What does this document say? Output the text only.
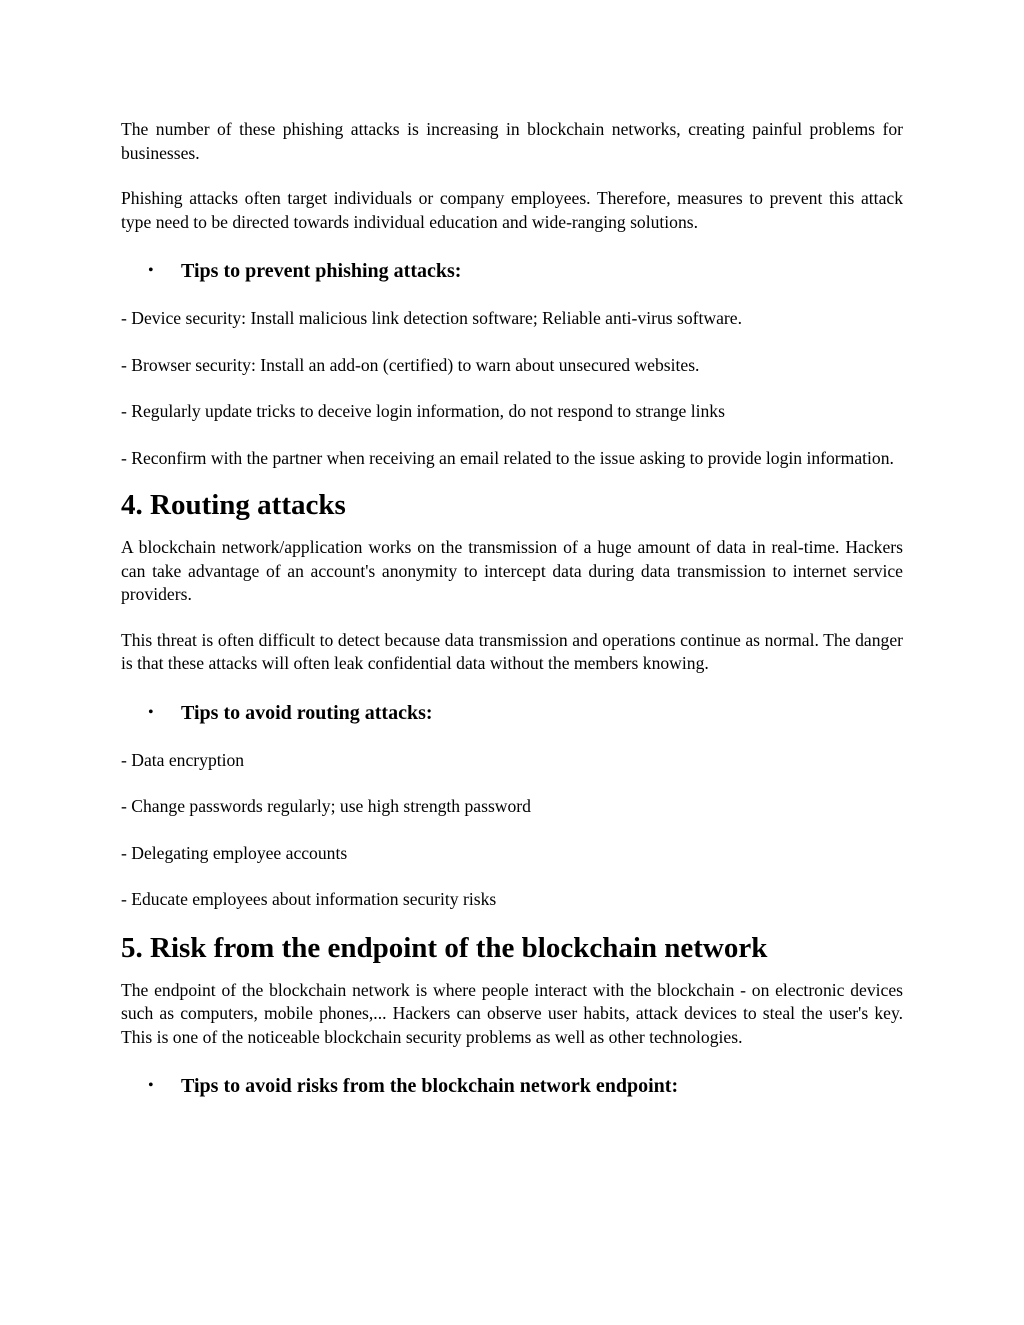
The number of these phishing attacks is increasing in blockchain networks, creating painful problems for businesses.

Phishing attacks often target individuals or company employees. Therefore, measures to prevent this attack type need to be directed towards individual education and wide-ranging solutions.

• Tips to prevent phishing attacks:

- Device security: Install malicious link detection software; Reliable anti-virus software.

- Browser security: Install an add-on (certified) to warn about unsecured websites.

- Regularly update tricks to deceive login information, do not respond to strange links

- Reconfirm with the partner when receiving an email related to the issue asking to provide login information.

4. Routing attacks

A blockchain network/application works on the transmission of a huge amount of data in real-time. Hackers can take advantage of an account's anonymity to intercept data during data transmission to internet service providers.

This threat is often difficult to detect because data transmission and operations continue as normal. The danger is that these attacks will often leak confidential data without the members knowing.

• Tips to avoid routing attacks:

- Data encryption

- Change passwords regularly; use high strength password

- Delegating employee accounts

- Educate employees about information security risks

5. Risk from the endpoint of the blockchain network

The endpoint of the blockchain network is where people interact with the blockchain - on electronic devices such as computers, mobile phones,... Hackers can observe user habits, attack devices to steal the user's key. This is one of the noticeable blockchain security problems as well as other technologies.

• Tips to avoid risks from the blockchain network endpoint:
